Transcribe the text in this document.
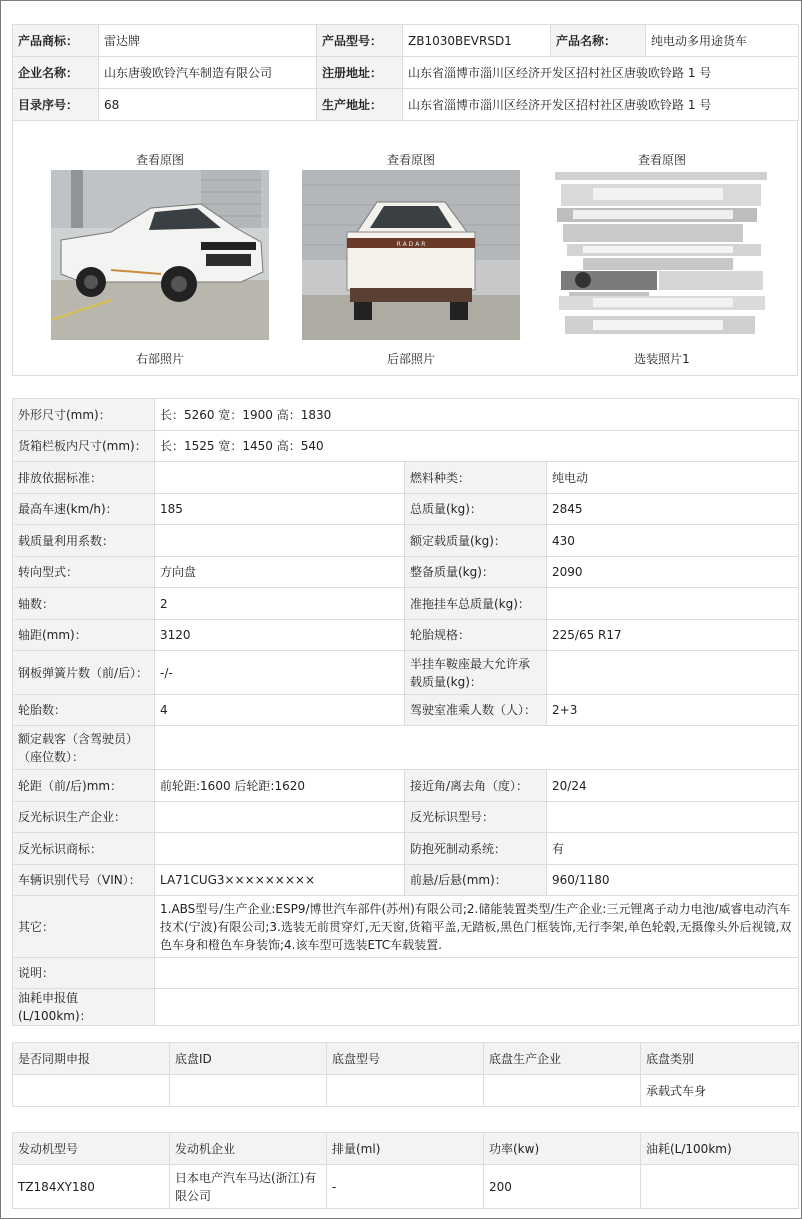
产品商标：	雷达牌	产品型号：	ZB1030BEVRSD1	产品名称：	纯电动多用途货车
企业名称：	山东唐骏欧铃汽车制造有限公司	注册地址：	山东省淄博市淄川区经济开发区招村社区唐骏欧铃路 1 号		
目录序号：	68	生产地址：	山东省淄博市淄川区经济开发区招村社区唐骏欧铃路 1 号		
查看原图
右部照片
查看原图
R A D A R
后部照片
查看原图
选装照片1
外形尺寸(mm)：	长：5260 宽：1900 高：1830		
货箱栏板内尺寸(mm)：	长：1525 宽：1450 高：540		
排放依据标准：		燃料种类：	纯电动
最高车速(km/h)：	185	总质量(kg)：	2845
载质量利用系数：		额定载质量(kg)：	430
转向型式：	方向盘	整备质量(kg)：	2090
轴数：	2	准拖挂车总质量(kg)：	
轴距(mm)：	3120	轮胎规格：	225/65 R17
钢板弹簧片数（前/后）：	-/-	半挂车鞍座最大允许承载质量(kg)：	
轮胎数：	4	驾驶室准乘人数（人）：	2+3
额定载客（含驾驶员）（座位数）：			
轮距（前/后)mm：	前轮距:1600 后轮距:1620	接近角/离去角（度）：	20/24
反光标识生产企业：		反光标识型号：	
反光标识商标：		防抱死制动系统：	有
车辆识别代号（VIN）：	LA71CUG3×××××××××	前悬/后悬(mm)：	960/1180
其它：	1.ABS型号/生产企业:ESP9/博世汽车部件(苏州)有限公司;2.储能装置类型/生产企业:三元锂离子动力电池/威睿电动汽车技术(宁波)有限公司;3.选装无前贯穿灯,无天窗,货箱平盖,无踏板,黑色门框装饰,无行李架,单色轮毂,无摄像头外后视镜,双色车身和橙色车身装饰;4.该车型可选装ETC车载装置.		
说明：			
油耗申报值(L/100km)：			
是否同期申报	底盘ID	底盘型号	底盘生产企业	底盘类别
				承载式车身
发动机型号	发动机企业	排量(ml)	功率(kw)	油耗(L/100km)
TZ184XY180	日本电产汽车马达(浙江)有限公司	-	200	
